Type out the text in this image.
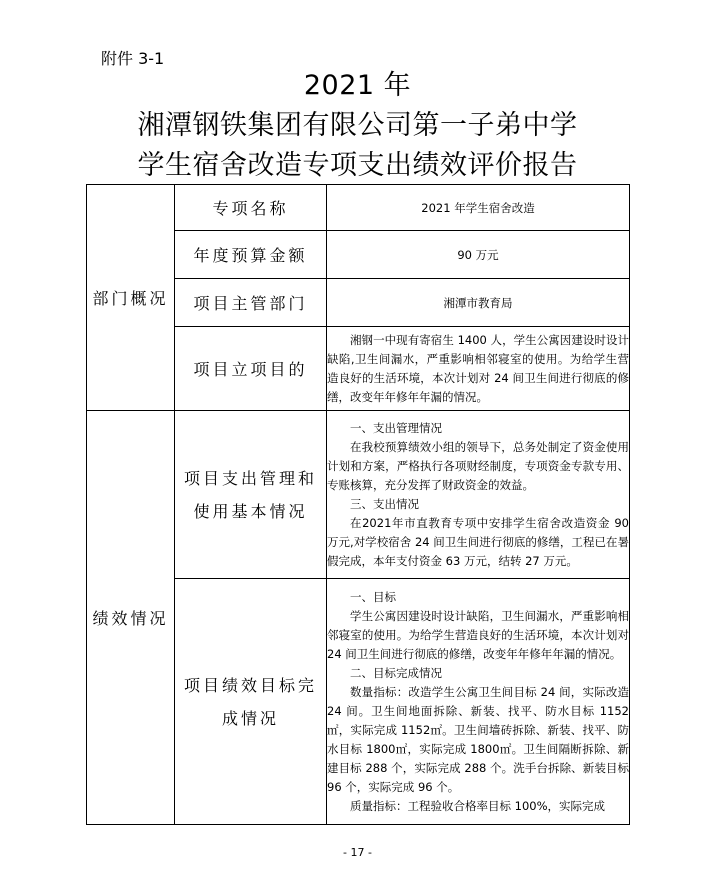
附件 3-1
2021 年
湘潭钢铁集团有限公司第一子弟中学
学生宿舍改造专项支出绩效评价报告
部门概况	专项名称	2021 年学生宿舍改造
	年度预算金额	90 万元
	项目主管部门	湘潭市教育局
	项目立项目的	湘钢一中现有寄宿生 1400 人，学生公寓因建设时设计缺陷,卫生间漏水，严重影响相邻寝室的使用。为给学生营造良好的生活环境，本次计划对 24 间卫生间进行彻底的修缮，改变年年修年年漏的情况。

绩效情况	项目支出管理和使用基本情况	一、支出管理情况

在我校预算绩效小组的领导下，总务处制定了资金使用计划和方案，严格执行各项财经制度，专项资金专款专用、专账核算，充分发挥了财政资金的效益。

三、支出情况

在2021年市直教育专项中安排学生宿舍改造资金 90 万元,对学校宿舍 24 间卫生间进行彻底的修缮，工程已在暑假完成，本年支付资金 63 万元，结转 27 万元。

	项目绩效目标完成情况	一、目标

学生公寓因建设时设计缺陷，卫生间漏水，严重影响相邻寝室的使用。为给学生营造良好的生活环境，本次计划对 24 间卫生间进行彻底的修缮，改变年年修年年漏的情况。

二、目标完成情况

数量指标：改造学生公寓卫生间目标 24 间，实际改造 24 间。卫生间地面拆除、新装、找平、防水目标 1152㎡，实际完成 1152㎡。卫生间墙砖拆除、新装、找平、防水目标 1800㎡，实际完成 1800㎡。卫生间隔断拆除、新建目标 288 个，实际完成 288 个。洗手台拆除、新装目标 96 个，实际完成 96 个。

质量指标：工程验收合格率目标 100%，实际完成

- 17 -
